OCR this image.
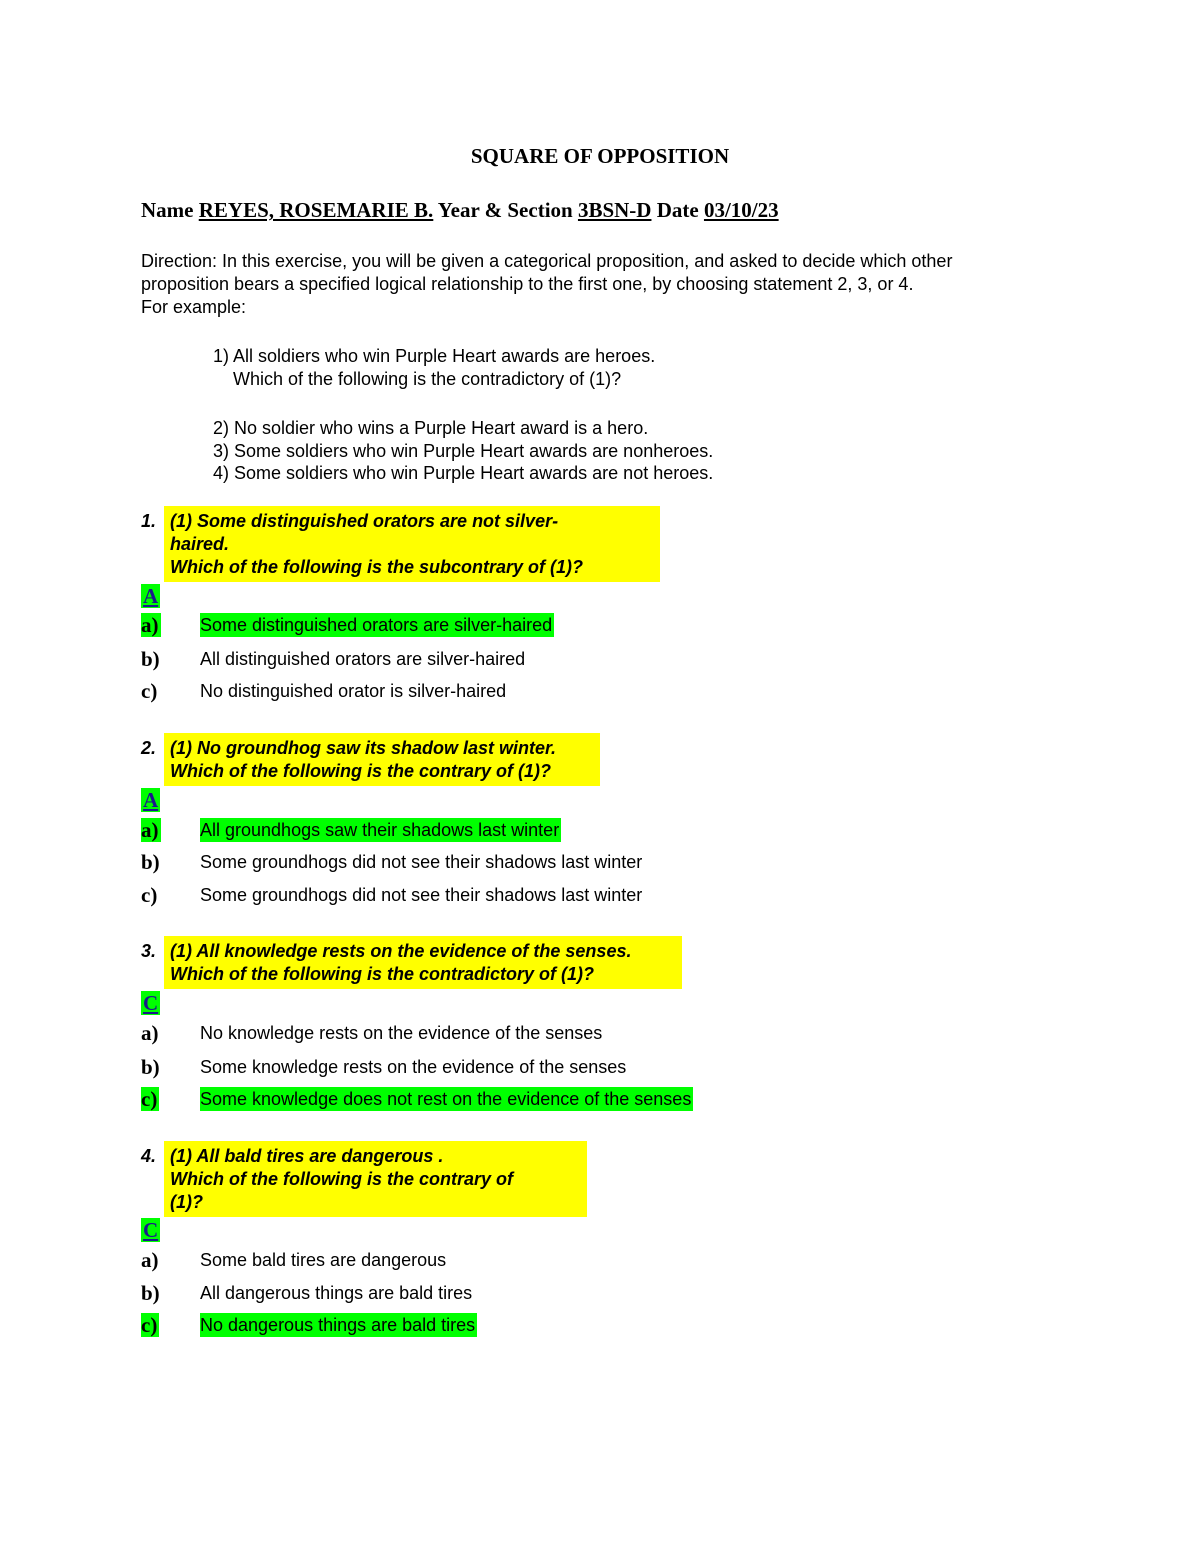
SQUARE OF OPPOSITION
Name REYES, ROSEMARIE B. Year & Section 3BSN-D Date 03/10/23
Direction: In this exercise, you will be given a categorical proposition, and asked to decide which other
proposition bears a specified logical relationship to the first one, by choosing statement 2, 3, or 4.
For example:
1) All soldiers who win Purple Heart awards are heroes.
Which of the following is the contradictory of (1)?
2) No soldier who wins a Purple Heart award is a hero.
3) Some soldiers who win Purple Heart awards are nonheroes.
4) Some soldiers who win Purple Heart awards are not heroes.
1. (1) Some distinguished orators are not silver-
haired.
Which of the following is the subcontrary of (1)?
A
a) Some distinguished orators are silver-haired
b) All distinguished orators are silver-haired
c) No distinguished orator is silver-haired
2. (1) No groundhog saw its shadow last winter.
Which of the following is the contrary of (1)?
A
a) All groundhogs saw their shadows last winter
b) Some groundhogs did not see their shadows last winter
c) Some groundhogs did not see their shadows last winter
3. (1) All knowledge rests on the evidence of the senses.
Which of the following is the contradictory of (1)?
C
a) No knowledge rests on the evidence of the senses
b) Some knowledge rests on the evidence of the senses
c) Some knowledge does not rest on the evidence of the senses
4. (1) All bald tires are dangerous .
Which of the following is the contrary of
(1)?
C
a) Some bald tires are dangerous
b) All dangerous things are bald tires
c) No dangerous things are bald tires
